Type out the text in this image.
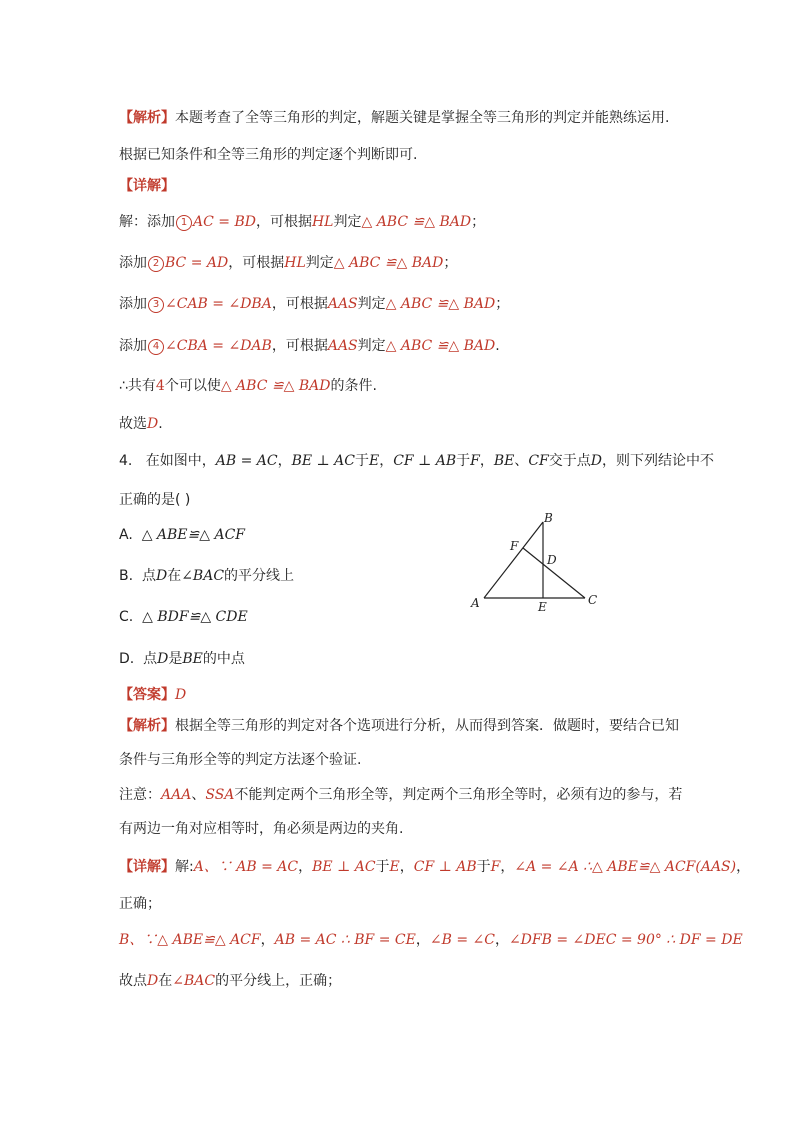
【解析】本题考查了全等三角形的判定，解题关键是掌握全等三角形的判定并能熟练运用.
根据已知条件和全等三角形的判定逐个判断即可.
【详解】
解：添加 1 AC = BD，可根据HL判定△ ABC ≌△ BAD；
添加 2 BC = AD，可根据HL判定△ ABC ≌△ BAD；
添加 3 ∠CAB = ∠DBA，可根据AAS判定△ ABC ≌△ BAD；
添加 4 ∠CBA = ∠DAB，可根据AAS判定△ ABC ≌△ BAD.
∴共有4个可以使△ ABC ≌△ BAD的条件.
故选D.
4. 在如图中，AB = AC，BE ⊥ AC于E，CF ⊥ AB于F，BE、CF交于点D，则下列结论中不
正确的是( )
A. △ ABE≌△ ACF
B. 点D在∠BAC的平分线上
C. △ BDF≌△ CDE
D. 点D是BE的中点
B
F
D
A	E	C
【答案】D
【解析】根据全等三角形的判定对各个选项进行分析，从而得到答案．做题时，要结合已知
条件与三角形全等的判定方法逐个验证.
注意：AAA、SSA不能判定两个三角形全等，判定两个三角形全等时，必须有边的参与，若
有两边一角对应相等时，角必须是两边的夹角.
【详解】解:A、∵ AB = AC，BE ⊥ AC于E，CF ⊥ AB于F，∠A = ∠A ∴△ ABE≌△ ACF(AAS)，
正确；
B、∵△ ABE≌△ ACF，AB = AC ∴ BF = CE，∠B = ∠C，∠DFB = ∠DEC = 90° ∴ DF = DE
故点D在∠BAC的平分线上，正确；
